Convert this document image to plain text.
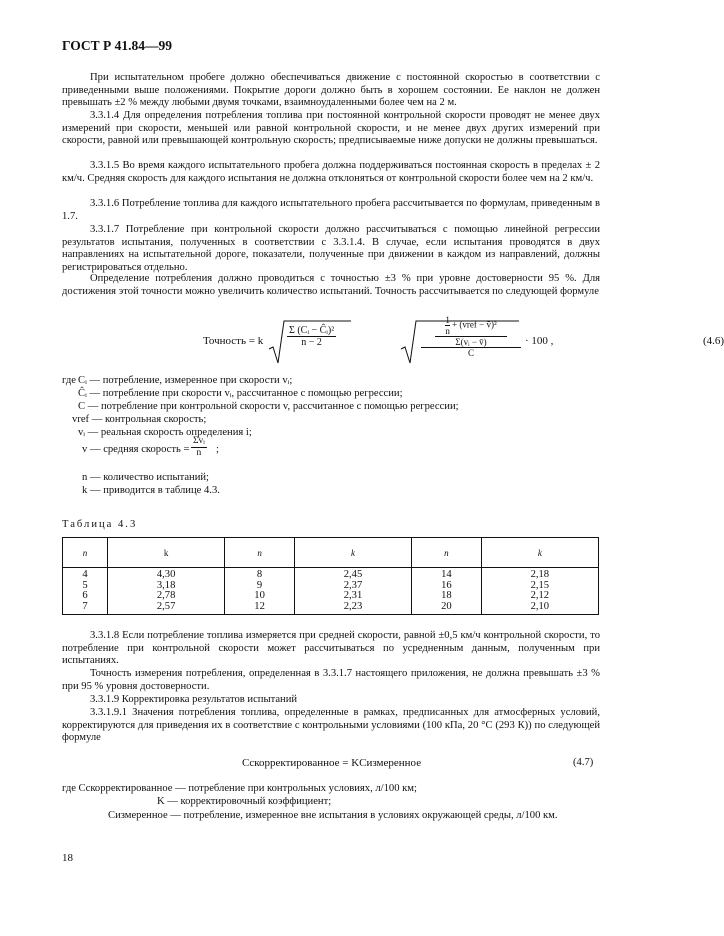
ГОСТ Р 41.84—99

При испытательном пробеге должно обеспечиваться движение с постоянной скоростью в соответствии с приведенными выше положениями. Покрытие дороги должно быть в хорошем состоянии. Ее наклон не должен превышать ±2 % между любыми двумя точками, взаимноудаленными более чем на 2 м.

3.3.1.4 Для определения потребления топлива при постоянной контрольной скорости проводят не менее двух измерений при скорости, меньшей или равной контрольной скорости, и не менее двух других измерений при скорости, равной или превышающей контрольную скорость; предписываемые ниже допуски не должны превышаться.

3.3.1.5 Во время каждого испытательного пробега должна поддерживаться постоянная скорость в пределах ± 2 км/ч. Средняя скорость для каждого испытания не должна отклоняться от контрольной скорости более чем на 2 км/ч.

3.3.1.6 Потребление топлива для каждого испытательного пробега рассчитывается по формулам, приведенным в 1.7.

3.3.1.7 Потребление при контрольной скорости должно рассчитываться с помощью линейной регрессии результатов испытания, полученных в соответствии с 3.3.1.4. В случае, если испытания проводятся в двух направлениях на испытательной дороге, показатели, полученные при движении в каждом из направлений, должны регистрироваться отдельно.

Определение потребления должно проводиться с точностью ±3 % при уровне достоверности 95 %. Для достижения этой точности можно увеличить количество испытаний. Точность рассчитывается по следующей формуле

Точность = k $\frac{\text{Σ (Cᵢ − Ĉᵢ)²}}{n - 2}$	$\frac{1}{n}$ + (vref − v̄)²
Σ(vᵢ − v̄)
C
· 100 ,	(4.6)
где Cᵢ — потребление, измеренное при скорости vᵢ;
Ĉᵢ — потребление при скорости vᵢ, рассчитанное с помощью регрессии;
C — потребление при контрольной скорости v, рассчитанное с помощью регрессии;
vref — контрольная скорость;
vᵢ — реальная скорость определения i;
v — средняя скорость =
Σvᵢ
n	;
n — количество испытаний;
k — приводится в таблице 4.3.
Таблица 4.3
n	k	n	k	n	k
4	4,30	8	2,45	14	2,18
5	3,18	9	2,37	16	2,15
6	2,78	10	2,31	18	2,12
7	2,57	12	2,23	20	2,10

3.3.1.8 Если потребление топлива измеряется при средней скорости, равной ±0,5 км/ч контрольной скорости, то потребление при контрольной скорости может рассчитываться по усредненным данным, полученным при испытаниях.

Точность измерения потребления, определенная в 3.3.1.7 настоящего приложения, не должна превышать ±3 % при 95 % уровня достоверности.

3.3.1.9 Корректировка результатов испытаний

3.3.1.9.1 Значения потребления топлива, определенные в рамках, предписанных для атмосферных условий, корректируются для приведения их в соответствие с контрольными условиями (100 кПа, 20 °С (293 К)) по следующей формуле

Cскорректированное = KCизмеренное	(4.7)
где Cскорректированное — потребление при контрольных условиях, л/100 км;
K — корректировочный коэффициент;
Cизмеренное — потребление, измеренное вне испытания в условиях окружающей среды, л/100 км.
18
